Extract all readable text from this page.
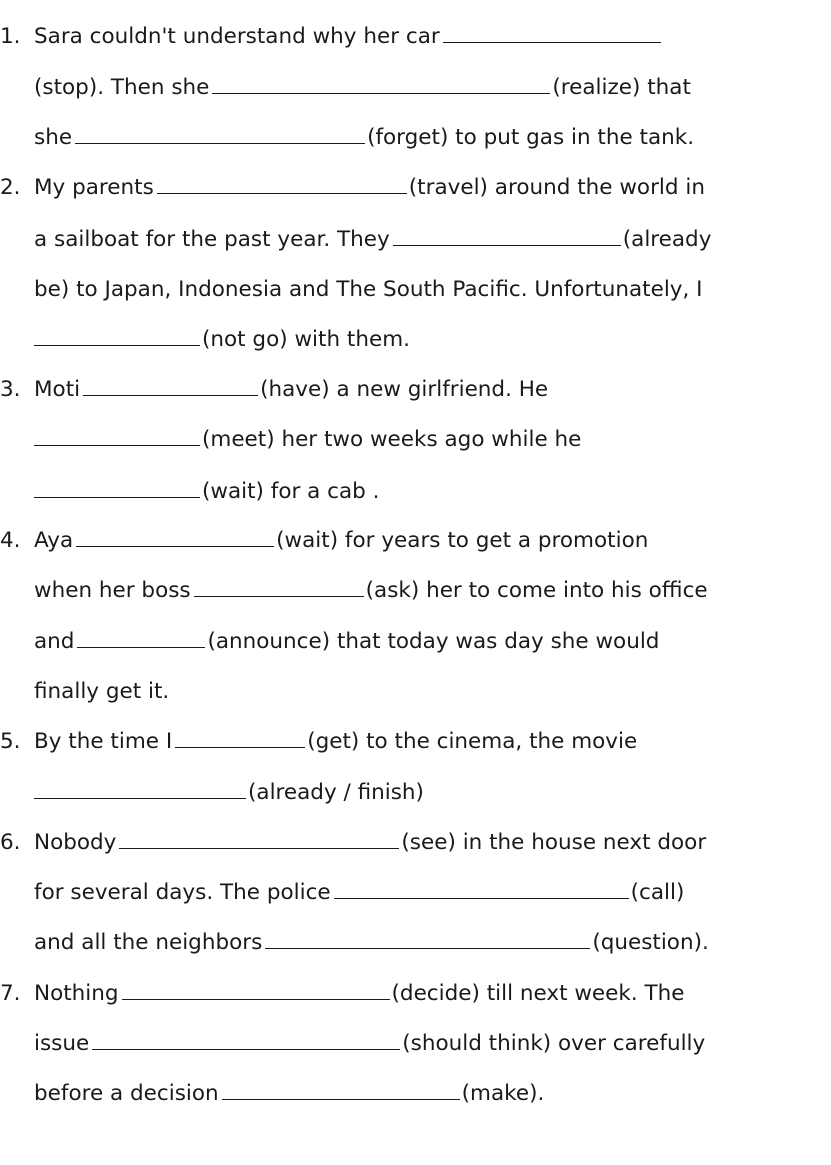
1. Sara couldn't understand why her car
(stop). Then she	(realize) that
she	(forget) to put gas in the tank.
2. My parents	(travel) around the world in
a sailboat for the past year. They	(already
be) to Japan, Indonesia and The South Pacific. Unfortunately, I
(not go) with them.
3. Moti	(have) a new girlfriend. He
(meet) her two weeks ago while he
(wait) for a cab .
4. Aya	(wait) for years to get a promotion
when her boss	(ask) her to come into his office
and	(announce) that today was day she would
finally get it.
5. By the time I	(get) to the cinema, the movie
(already / finish)
6. Nobody	(see) in the house next door
for several days. The police	(call)
and all the neighbors	(question).
7. Nothing	(decide) till next week. The
issue	(should think) over carefully
before a decision	(make).
